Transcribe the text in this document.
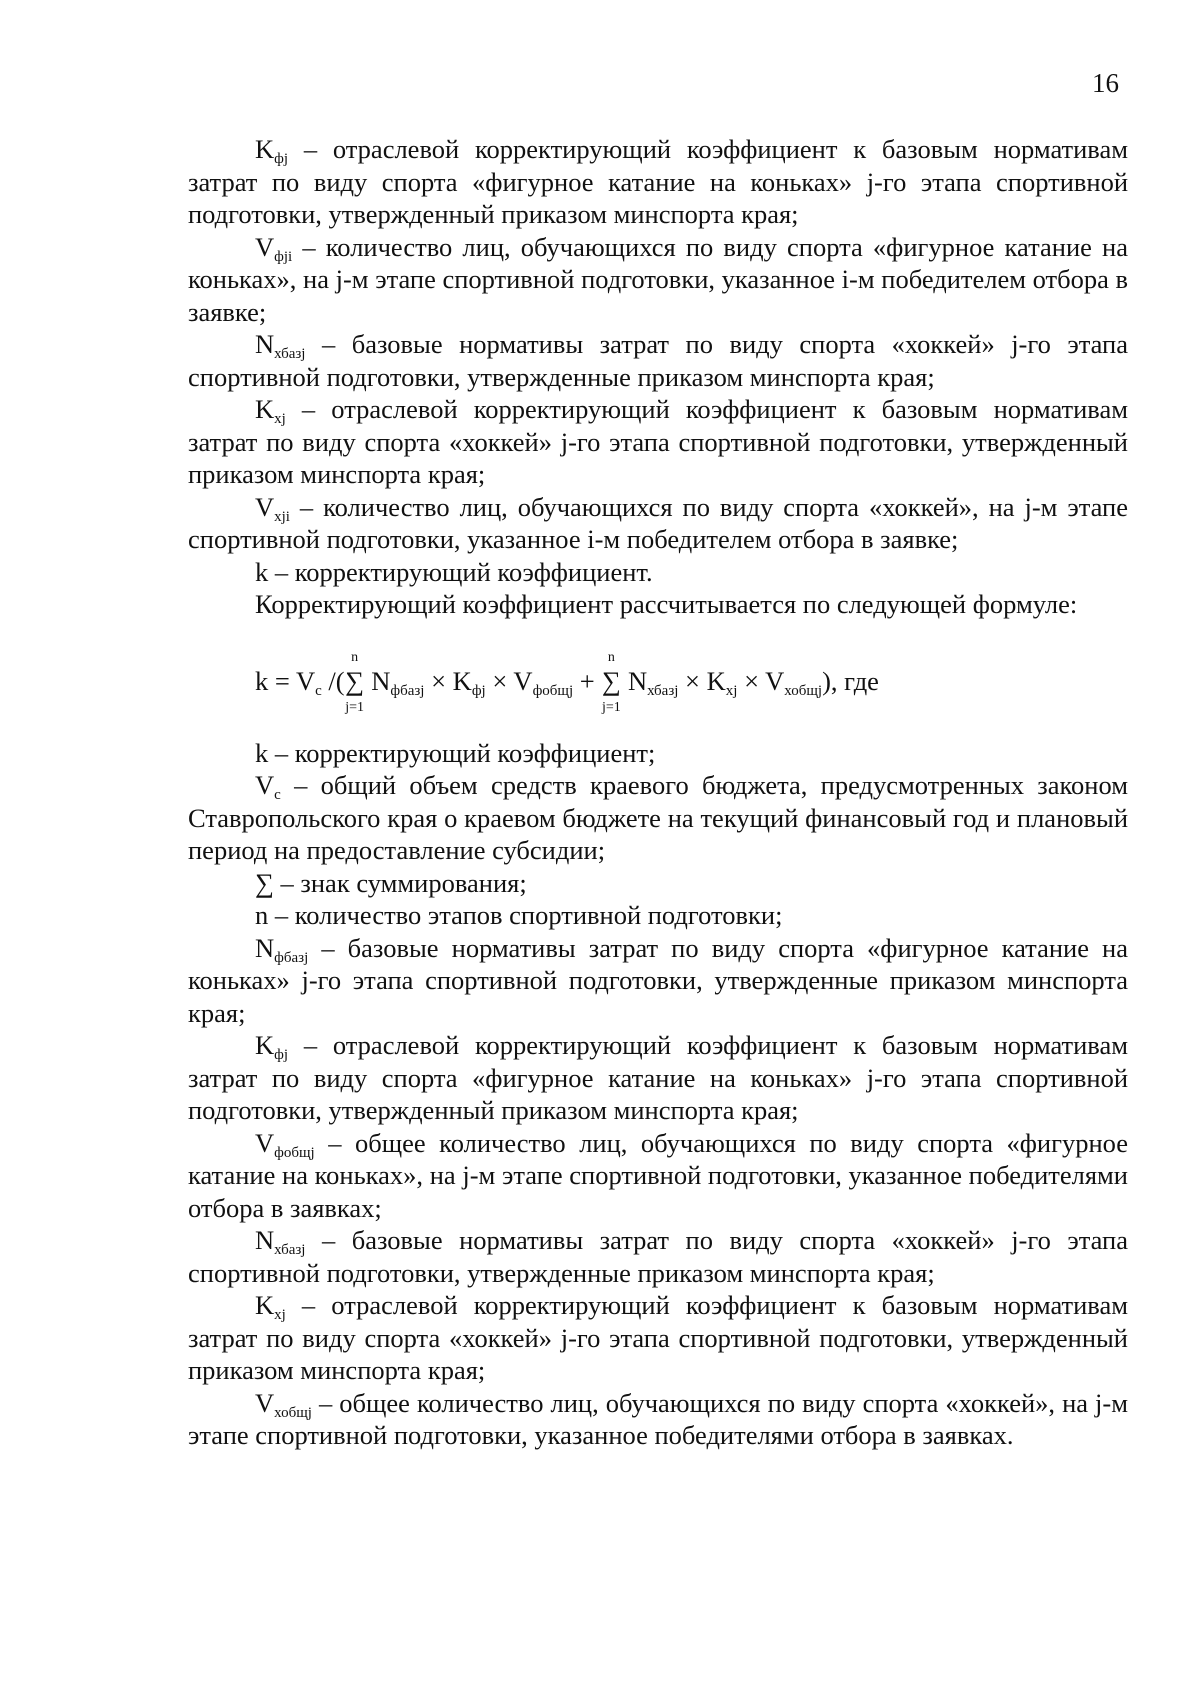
16

$K_{фj}$ – отраслевой корректирующий коэффициент к базовым нормативам затрат по виду спорта «фигурное катание на коньках» j-го этапа спортивной подготовки, утвержденный приказом минспорта края;

$V_{фji}$ – количество лиц, обучающихся по виду спорта «фигурное катание на коньках», на j-м этапе спортивной подготовки, указанное i-м победителем отбора в заявке;

$N_{хбазj}$ – базовые нормативы затрат по виду спорта «хоккей» j-го этапа спортивной подготовки, утвержденные приказом минспорта края;

$K_{хj}$ – отраслевой корректирующий коэффициент к базовым нормативам затрат по виду спорта «хоккей» j-го этапа спортивной подготовки, утвержденный приказом минспорта края;

$V_{хji}$ – количество лиц, обучающихся по виду спорта «хоккей», на j-м этапе спортивной подготовки, указанное i-м победителем отбора в заявке;

k – корректирующий коэффициент.

Корректирующий коэффициент рассчитывается по следующей формуле:

$k = V_с$ /(
n
∑
j=1
$N_{фбазj} \times K_{фj} \times V_{фобщj}$ +
n
∑
j=1
$N_{хбазj} \times K_{хj} \times V_{хобщj}$), где

k – корректирующий коэффициент;

$V_с$ – общий объем средств краевого бюджета, предусмотренных законом Ставропольского края о краевом бюджете на текущий финансовый год и плановый период на предоставление субсидии;

∑ – знак суммирования;

n – количество этапов спортивной подготовки;

$N_{фбазj}$ – базовые нормативы затрат по виду спорта «фигурное катание на коньках» j-го этапа спортивной подготовки, утвержденные приказом минспорта края;

$K_{фj}$ – отраслевой корректирующий коэффициент к базовым нормативам затрат по виду спорта «фигурное катание на коньках» j-го этапа спортивной подготовки, утвержденный приказом минспорта края;

$V_{фобщj}$ – общее количество лиц, обучающихся по виду спорта «фигурное катание на коньках», на j-м этапе спортивной подготовки, указанное победителями отбора в заявках;

$N_{хбазj}$ – базовые нормативы затрат по виду спорта «хоккей» j-го этапа спортивной подготовки, утвержденные приказом минспорта края;

$K_{хj}$ – отраслевой корректирующий коэффициент к базовым нормативам затрат по виду спорта «хоккей» j-го этапа спортивной подготовки, утвержденный приказом минспорта края;

$V_{хобщj}$ – общее количество лиц, обучающихся по виду спорта «хоккей», на j-м этапе спортивной подготовки, указанное победителями отбора в заявках.
